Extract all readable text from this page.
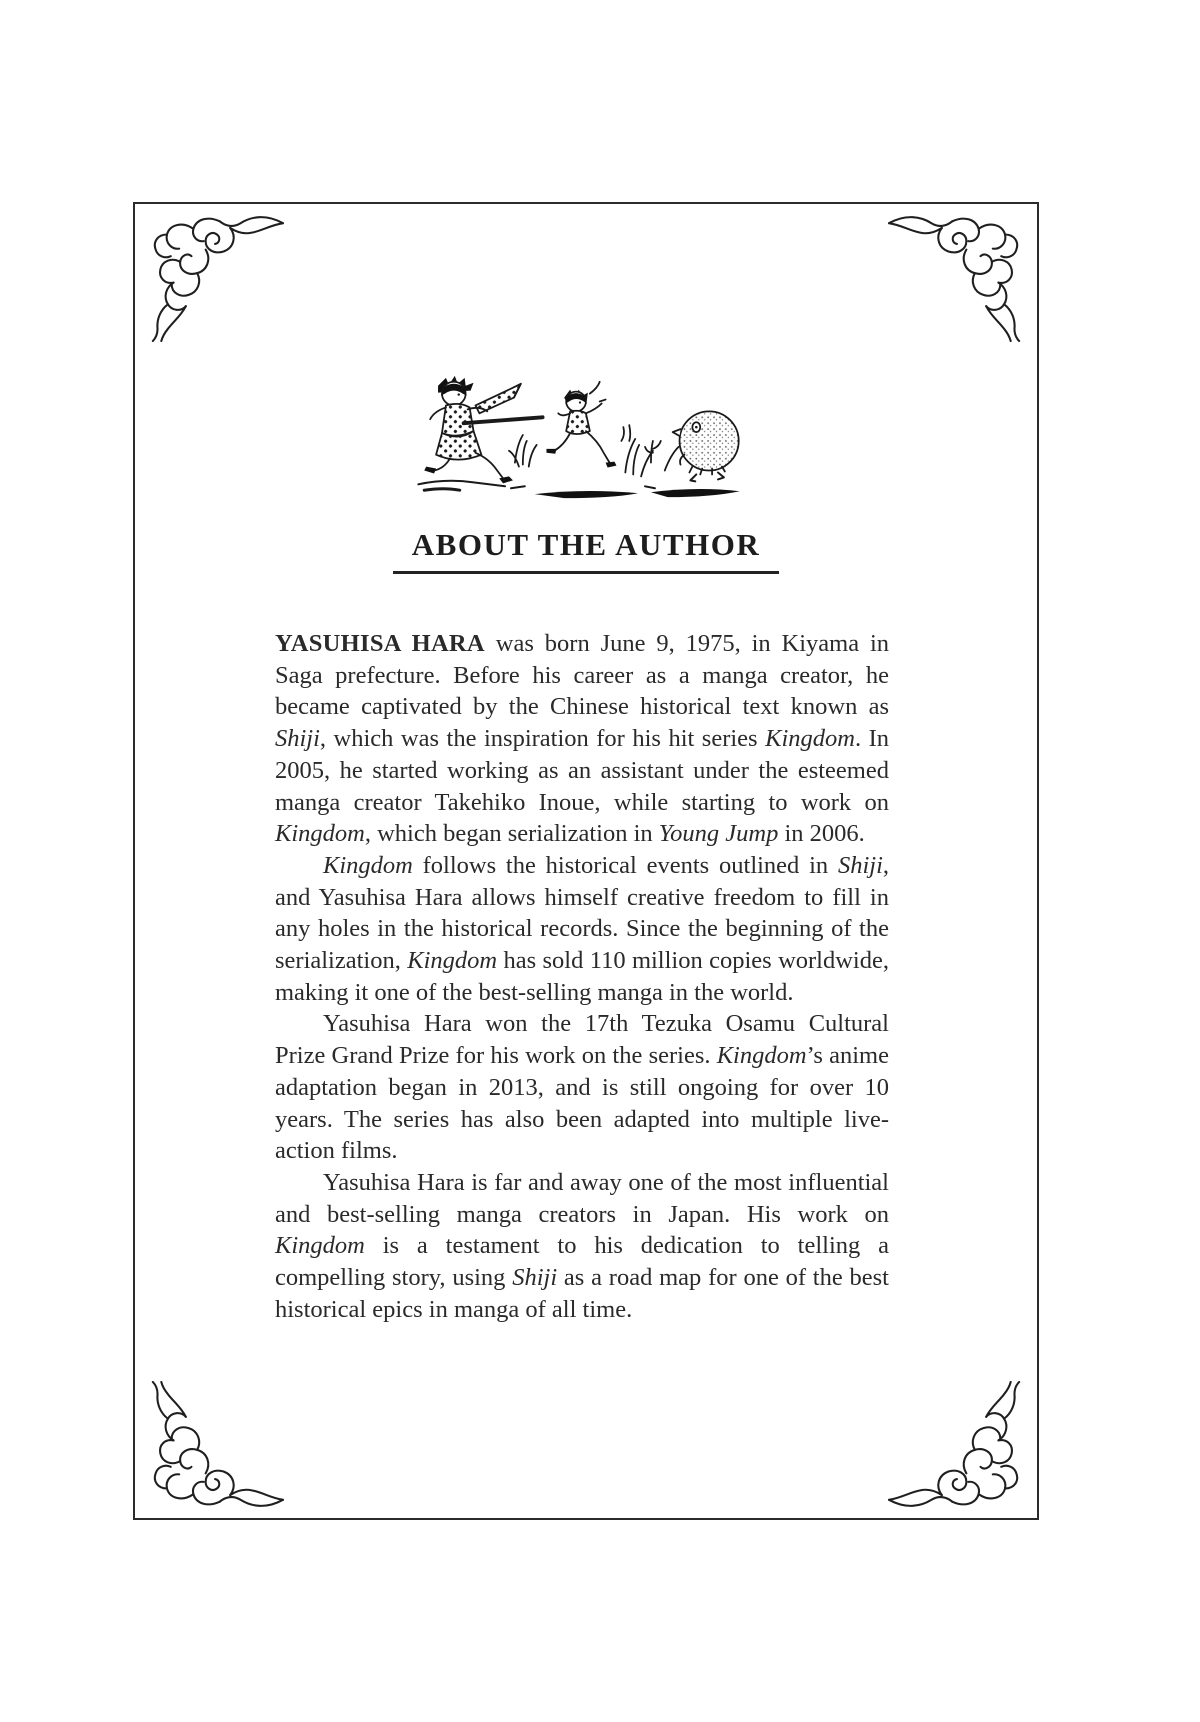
ABOUT THE AUTHOR

YASUHISA HARA was born June 9, 1975, in Kiyama in Saga prefecture. Before his career as a manga creator, he became captivated by the Chinese historical text known as Shiji, which was the inspiration for his hit series Kingdom. In 2005, he started working as an assistant under the esteemed manga creator Takehiko Inoue, while starting to work on Kingdom, which began serialization in Young Jump in 2006.

Kingdom follows the historical events outlined in Shiji, and Yasuhisa Hara allows himself creative freedom to fill in any holes in the historical records. Since the beginning of the serialization, Kingdom has sold 110 million copies worldwide, making it one of the best-selling manga in the world.

Yasuhisa Hara won the 17th Tezuka Osamu Cultural Prize Grand Prize for his work on the series. Kingdom’s anime adaptation began in 2013, and is still ongoing for over 10 years. The series has also been adapted into multiple live-action films.

Yasuhisa Hara is far and away one of the most influential and best-selling manga creators in Japan. His work on Kingdom is a testament to his dedication to telling a compelling story, using Shiji as a road map for one of the best historical epics in manga of all time.
